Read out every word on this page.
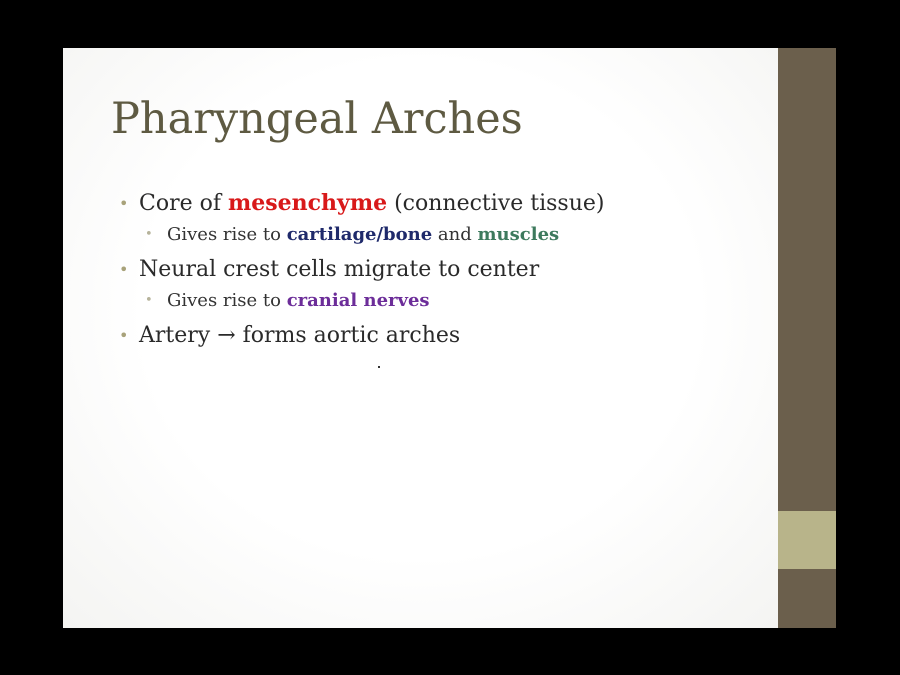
Pharyngeal Arches
• Core of mesenchyme (connective tissue)
• Gives rise to cartilage/bone and muscles
• Neural crest cells migrate to center
• Gives rise to cranial nerves
• Artery → forms aortic arches
